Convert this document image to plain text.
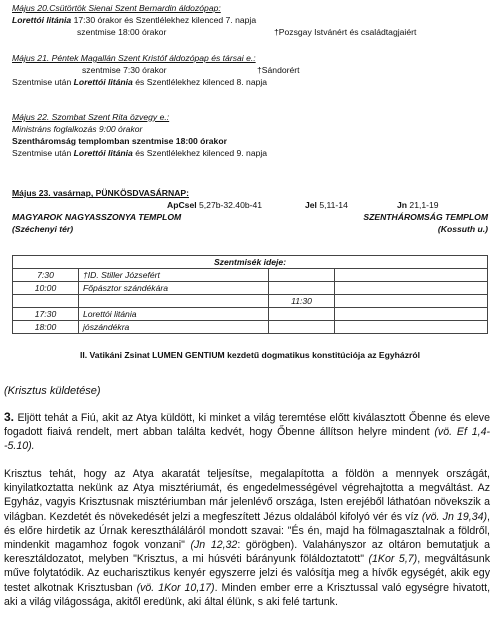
Május 20.Csütörtök Sienai Szent Bernardin áldozópap:
Lorettói litánia 17:30 órakor és Szentlélekhez kilenced 7. napja
szentmise 18:00 órakor	†Pozsgay Istvánért és családtagjaiért
Május 21. Péntek Magallán Szent Kristóf áldozópap és társai e.:
szentmise 7:30 órakor	†Sándorért
Szentmise után Lorettói litánia és Szentlélekhez kilenced 8. napja
Május 22. Szombat Szent Rita özvegy e.:
Ministráns foglalkozás 9:00 órakor
Szentháromság templomban szentmise 18:00 órakor
Szentmise után Lorettói litánia és Szentlélekhez kilenced 9. napja
Május 23. vasárnap, PÜNKÖSDVASÁRNAP:
ApCsel 5,27b-32.40b-41	Jel 5,11-14	Jn 21,1-19
MAGYAROK NAGYASSZONYA TEMPLOM	SZENTHÁROMSÁG TEMPLOM
(Széchenyi tér)	(Kossuth u.)
Szentmisék ideje:			
7:30	†ID. Stiller Józsefért		
10:00	Főpásztor szándékára		
		11:30	
17:30	Lorettói litánia		
18:00	jószándékra		
II. Vatikáni Zsinat LUMEN GENTIUM kezdetű dogmatikus konstitúciója az Egyházról
(Krisztus küldetése)
3. Eljött tehát a Fiú, akit az Atya küldött, ki minket a világ teremtése előtt kiválasztott Őbenne és eleve fogadott fiaivá rendelt, mert abban találta kedvét, hogy Őbenne állítson helyre mindent (vö. Ef 1,4--5.10).
Krisztus tehát, hogy az Atya akaratát teljesítse, megalapította a földön a mennyek országát, kinyilatkoztatta nekünk az Atya misztériumát, és engedelmességével végrehajtotta a megváltást. Az Egyház, vagyis Krisztusnak misztériumban már jelenlévő országa, Isten erejéből láthatóan növekszik a világban. Kezdetét és növekedését jelzi a megfeszített Jézus oldalából kifolyó vér és víz (vö. Jn 19,34), és előre hirdetik az Úrnak keresztháláláról mondott szavai: "És én, majd ha fölmagasztalnak a földről, mindenkit magamhoz fogok vonzani" (Jn 12,32: görögben). Valahányszor az oltáron bemutatjuk a keresztáldozatot, melyben "Krisztus, a mi húsvéti bárányunk föláldoztatott" (1Kor 5,7), megváltásunk műve folytatódik. Az eucharisztikus kenyér egyszerre jelzi és valósítja meg a hívők egységét, akik egy testet alkotnak Krisztusban (vö. 1Kor 10,17). Minden ember erre a Krisztussal való egységre hivatott, aki a világ világossága, akitől eredünk, aki által élünk, s aki felé tartunk.
